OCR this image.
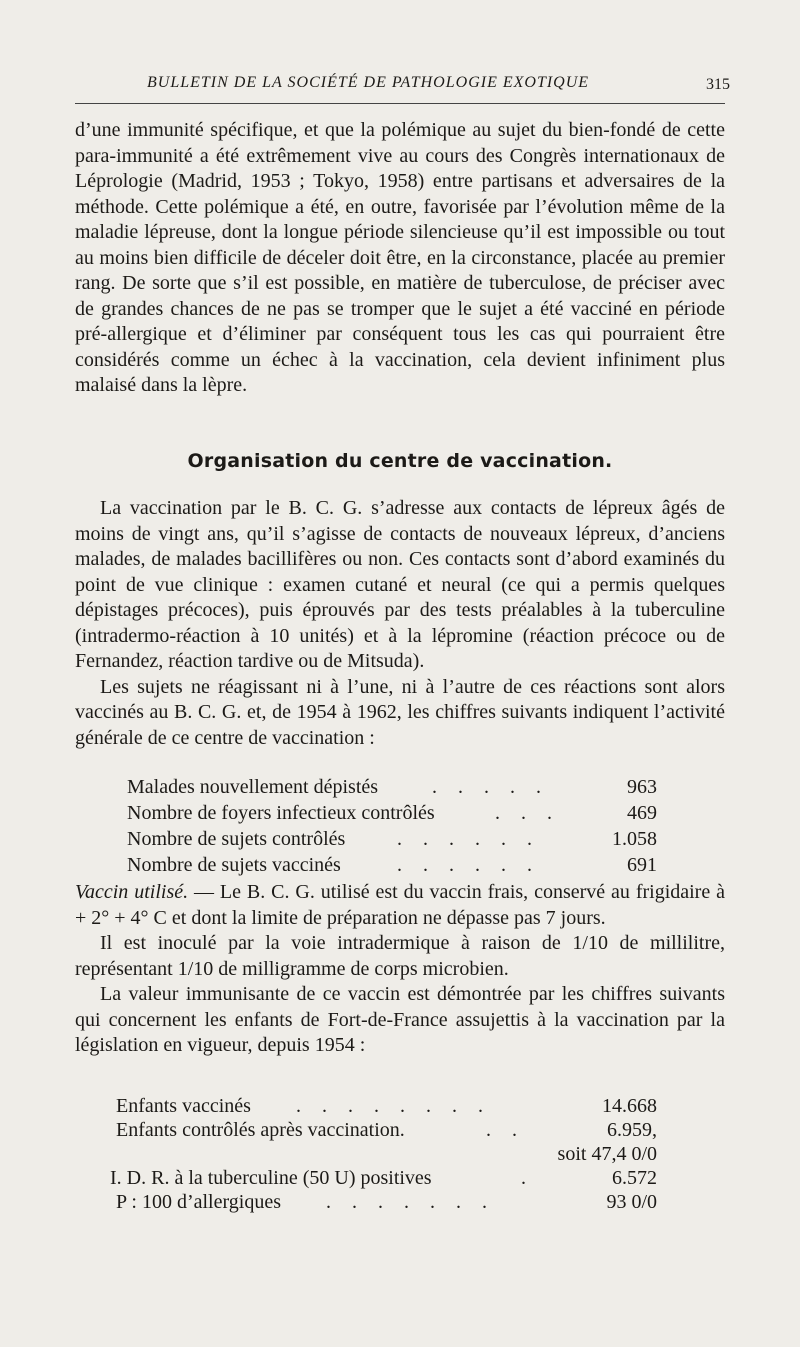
BULLETIN DE LA SOCIÉTÉ DE PATHOLOGIE EXOTIQUE	315
d’une immunité spécifique, et que la polémique au sujet du bien-fondé de cette para-immunité a été extrêmement vive au cours des Congrès internationaux de Léprologie (Madrid, 1953 ; Tokyo, 1958) entre partisans et adversaires de la méthode. Cette polémique a été, en outre, favorisée par l’évolution même de la maladie lépreuse, dont la longue période silencieuse qu’il est impossible ou tout au moins bien difficile de déceler doit être, en la circonstance, placée au premier rang. De sorte que s’il est possible, en matière de tuberculose, de préciser avec de grandes chances de ne pas se tromper que le sujet a été vacciné en période pré-allergique et d’éliminer par conséquent tous les cas qui pourraient être considérés comme un échec à la vaccination, cela devient infiniment plus malaisé dans la lèpre.
Organisation du centre de vaccination.
La vaccination par le B. C. G. s’adresse aux contacts de lépreux âgés de moins de vingt ans, qu’il s’agisse de contacts de nouveaux lépreux, d’anciens malades, de malades bacillifères ou non. Ces contacts sont d’abord examinés du point de vue clinique : examen cutané et neural (ce qui a permis quelques dépistages précoces), puis éprouvés par des tests préalables à la tuberculine (intradermo-réaction à 10 unités) et à la lépromine (réaction précoce ou de Fernandez, réaction tardive ou de Mitsuda).
Les sujets ne réagissant ni à l’une, ni à l’autre de ces réactions sont alors vaccinés au B. C. G. et, de 1954 à 1962, les chiffres suivants indiquent l’activité générale de ce centre de vaccination :
Malades nouvellement dépistés	. . . . .	963
Nombre de foyers infectieux contrôlés	. . .	469
Nombre de sujets contrôlés	. . . . . .	1.058
Nombre de sujets vaccinés	. . . . . .	691
Vaccin utilisé. — Le B. C. G. utilisé est du vaccin frais, conservé au frigidaire à + 2° + 4° C et dont la limite de préparation ne dépasse pas 7 jours.
Il est inoculé par la voie intradermique à raison de 1/10 de millilitre, représentant 1/10 de milligramme de corps microbien.
La valeur immunisante de ce vaccin est démontrée par les chiffres suivants qui concernent les enfants de Fort-de-France assujettis à la vaccination par la législation en vigueur, depuis 1954 :
Enfants vaccinés . . . . . . . .	14.668
Enfants contrôlés après vaccination.	. .	6.959,
soit 47,4 0/0
I. D. R. à la tuberculine (50 U) positives	.	6.572
P : 100 d’allergiques . . . . . . .	93 0/0
